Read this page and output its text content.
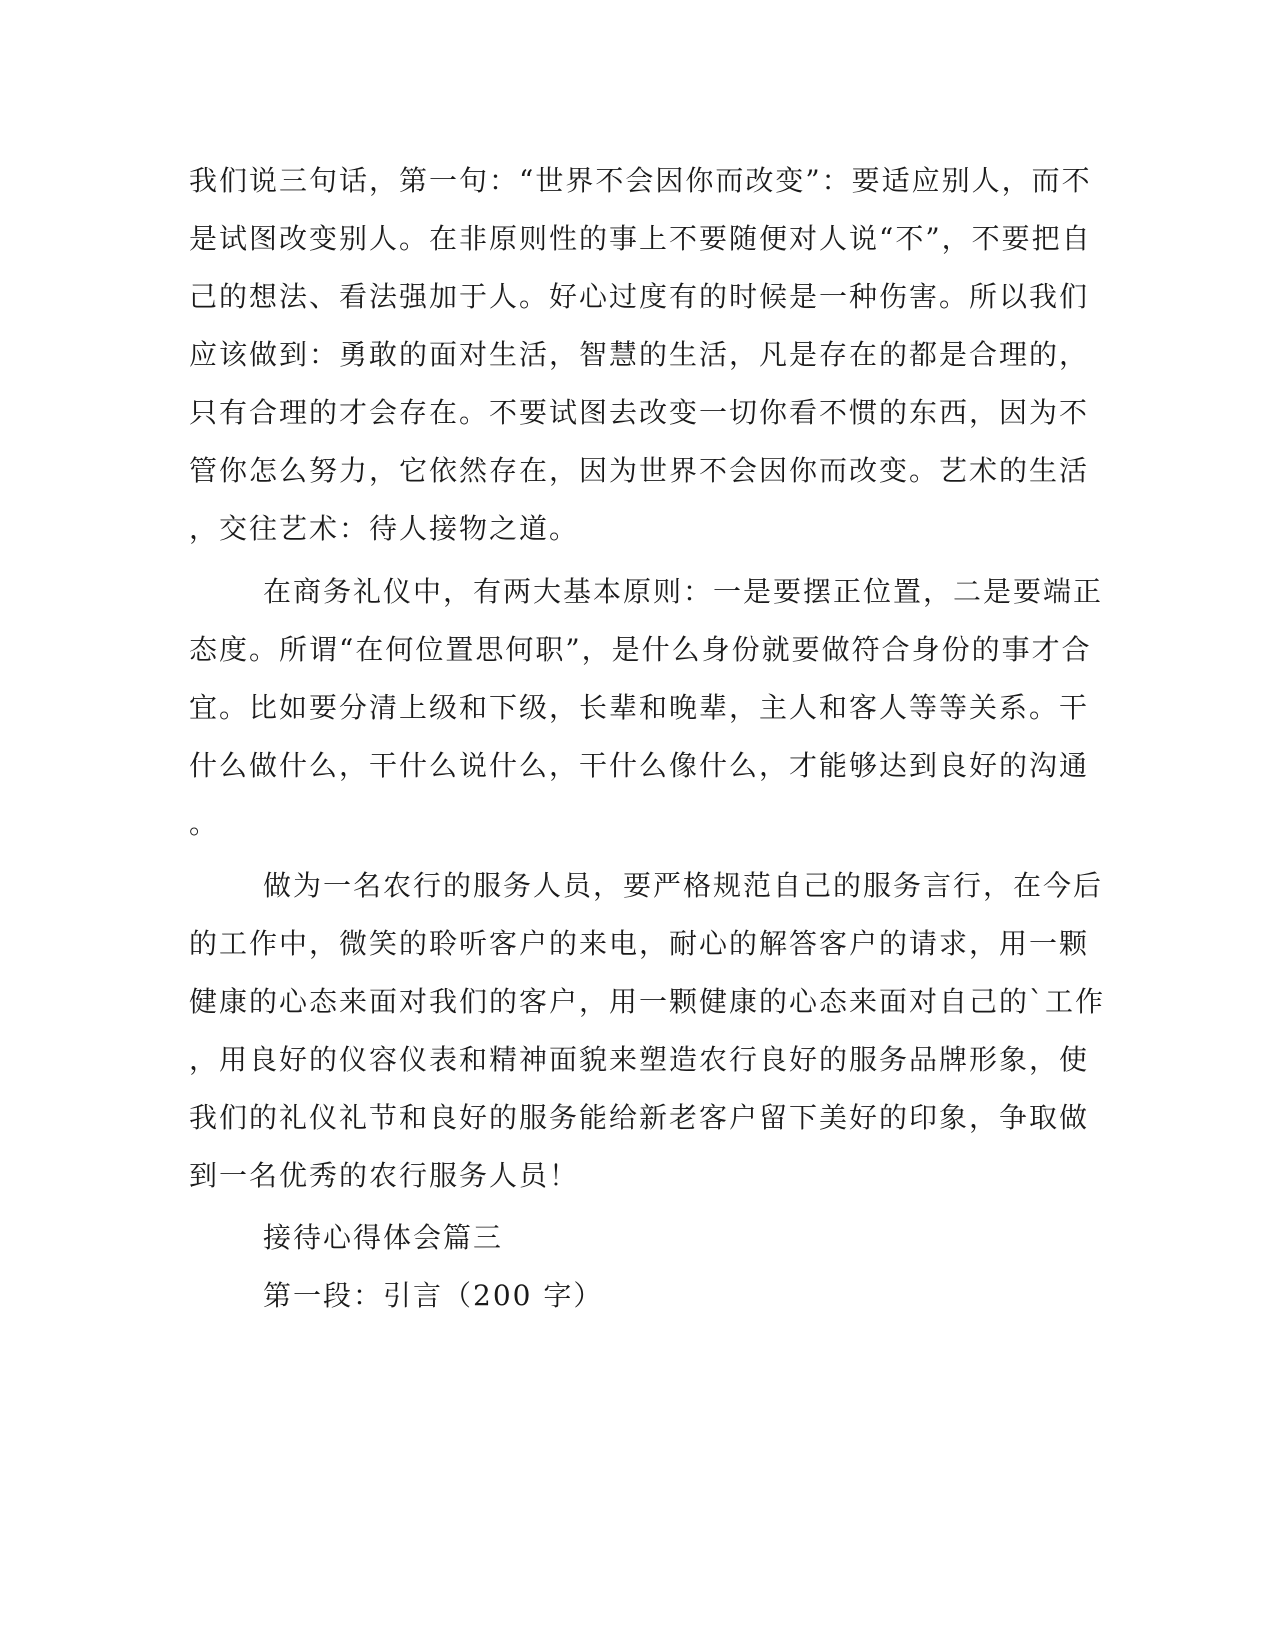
我们说三句话，第一句：“世界不会因你而改变”：要适应别人，而不
是试图改变别人。在非原则性的事上不要随便对人说“不”，不要把自
己的想法、看法强加于人。好心过度有的时候是一种伤害。所以我们
应该做到：勇敢的面对生活，智慧的生活，凡是存在的都是合理的，
只有合理的才会存在。不要试图去改变一切你看不惯的东西，因为不
管你怎么努力，它依然存在，因为世界不会因你而改变。艺术的生活
，交往艺术：待人接物之道。
在商务礼仪中，有两大基本原则：一是要摆正位置，二是要端正
态度。所谓“在何位置思何职”，是什么身份就要做符合身份的事才合
宜。比如要分清上级和下级，长辈和晚辈，主人和客人等等关系。干
什么做什么，干什么说什么，干什么像什么，才能够达到良好的沟通
。
做为一名农行的服务人员，要严格规范自己的服务言行，在今后
的工作中，微笑的聆听客户的来电，耐心的解答客户的请求，用一颗
健康的心态来面对我们的客户，用一颗健康的心态来面对自己的`工作
，用良好的仪容仪表和精神面貌来塑造农行良好的服务品牌形象，使
我们的礼仪礼节和良好的服务能给新老客户留下美好的印象，争取做
到一名优秀的农行服务人员！
接待心得体会篇三
第一段：引言（200 字）
